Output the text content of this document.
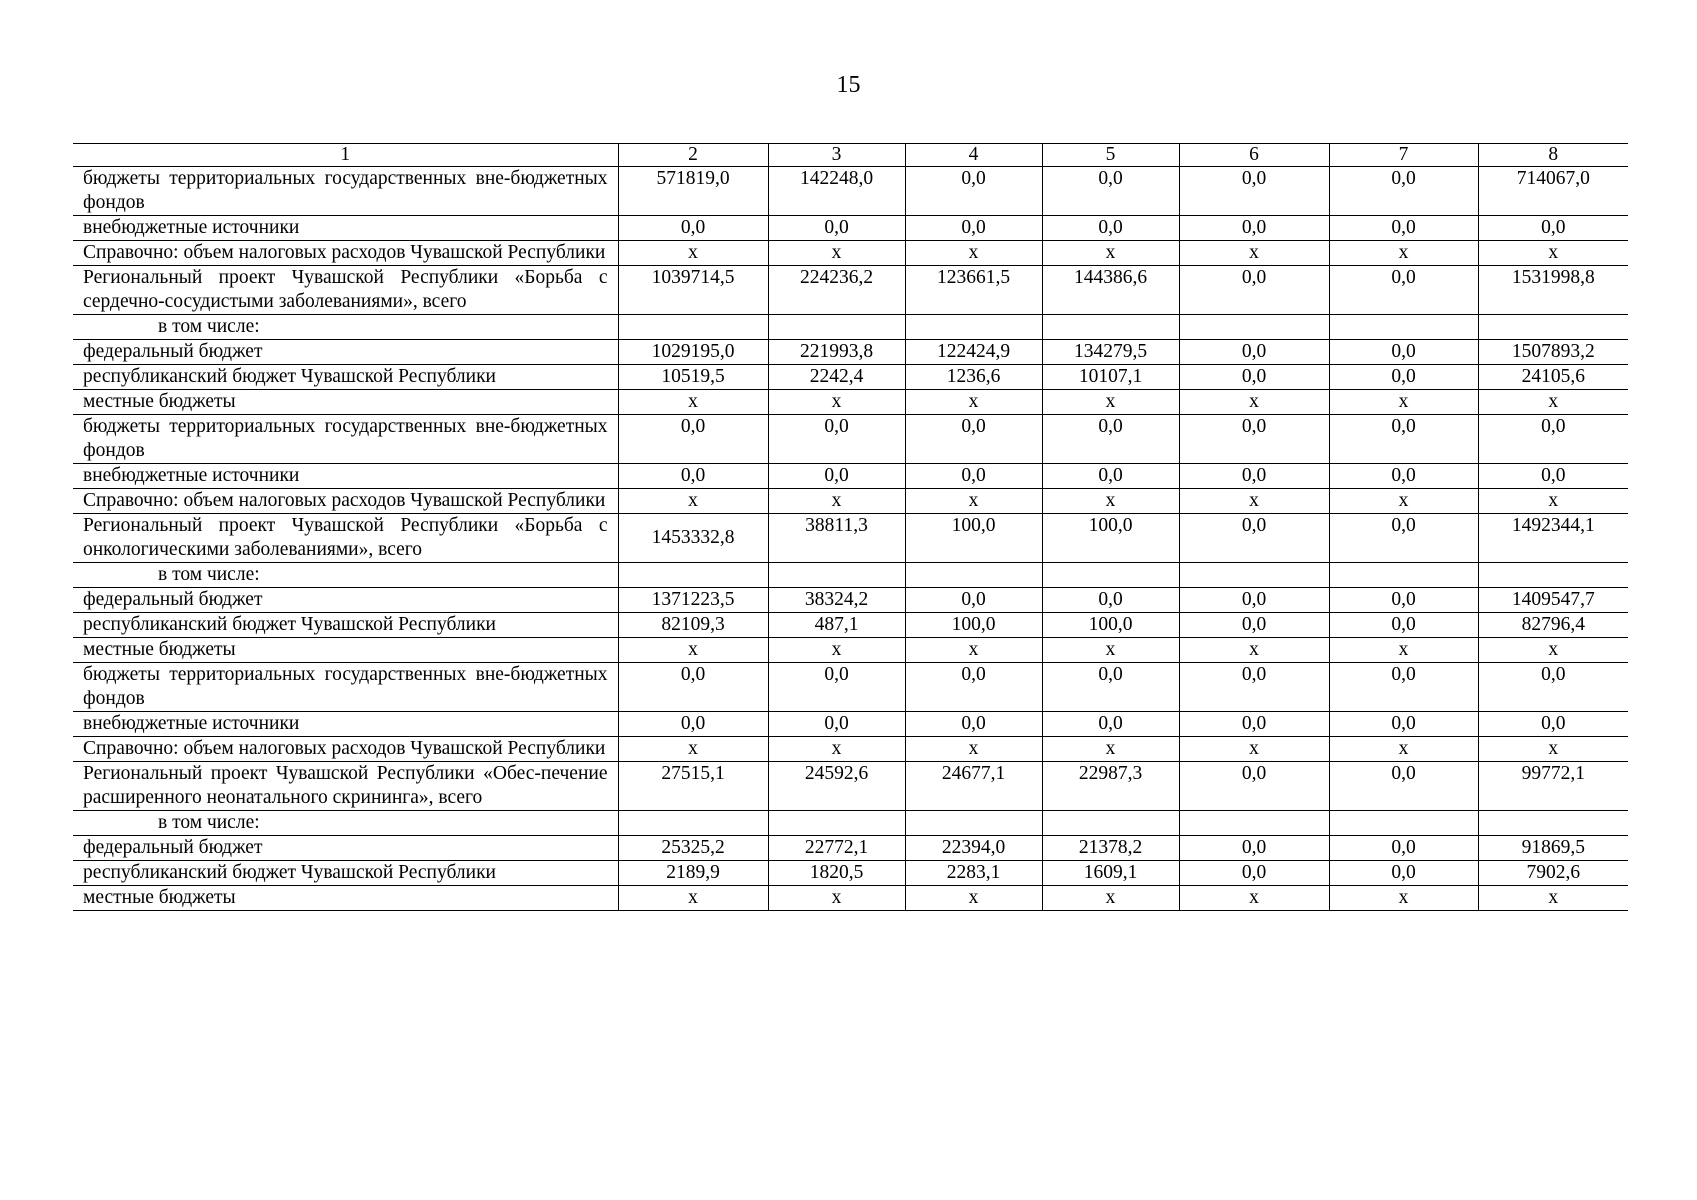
15
1	2	3	4	5	6	7	8
бюджеты территориальных государственных вне-бюджетных фондов	571819,0	142248,0	0,0	0,0	0,0	0,0	714067,0
внебюджетные источники	0,0	0,0	0,0	0,0	0,0	0,0	0,0
Справочно: объем налоговых расходов Чувашской Республики	x	x	x	x	x	x	x
Региональный проект Чувашской Республики «Борьба с сердечно-сосудистыми заболеваниями», всего	1039714,5	224236,2	123661,5	144386,6	0,0	0,0	1531998,8
в том числе:							
федеральный бюджет	1029195,0	221993,8	122424,9	134279,5	0,0	0,0	1507893,2
республиканский бюджет Чувашской Республики	10519,5	2242,4	1236,6	10107,1	0,0	0,0	24105,6
местные бюджеты	x	x	x	x	x	x	x
бюджеты территориальных государственных вне-бюджетных фондов	0,0	0,0	0,0	0,0	0,0	0,0	0,0
внебюджетные источники	0,0	0,0	0,0	0,0	0,0	0,0	0,0
Справочно: объем налоговых расходов Чувашской Республики	x	x	x	x	x	x	x
Региональный проект Чувашской Республики «Борьба с онкологическими заболеваниями», всего	1453332,8	38811,3	100,0	100,0	0,0	0,0	1492344,1
в том числе:							
федеральный бюджет	1371223,5	38324,2	0,0	0,0	0,0	0,0	1409547,7
республиканский бюджет Чувашской Республики	82109,3	487,1	100,0	100,0	0,0	0,0	82796,4
местные бюджеты	x	x	x	x	x	x	x
бюджеты территориальных государственных вне-бюджетных фондов	0,0	0,0	0,0	0,0	0,0	0,0	0,0
внебюджетные источники	0,0	0,0	0,0	0,0	0,0	0,0	0,0
Справочно: объем налоговых расходов Чувашской Республики	x	x	x	x	x	x	x
Региональный проект Чувашской Республики «Обес-печение расширенного неонатального скрининга», всего	27515,1	24592,6	24677,1	22987,3	0,0	0,0	99772,1
в том числе:							
федеральный бюджет	25325,2	22772,1	22394,0	21378,2	0,0	0,0	91869,5
республиканский бюджет Чувашской Республики	2189,9	1820,5	2283,1	1609,1	0,0	0,0	7902,6
местные бюджеты	x	x	x	x	x	x	x
